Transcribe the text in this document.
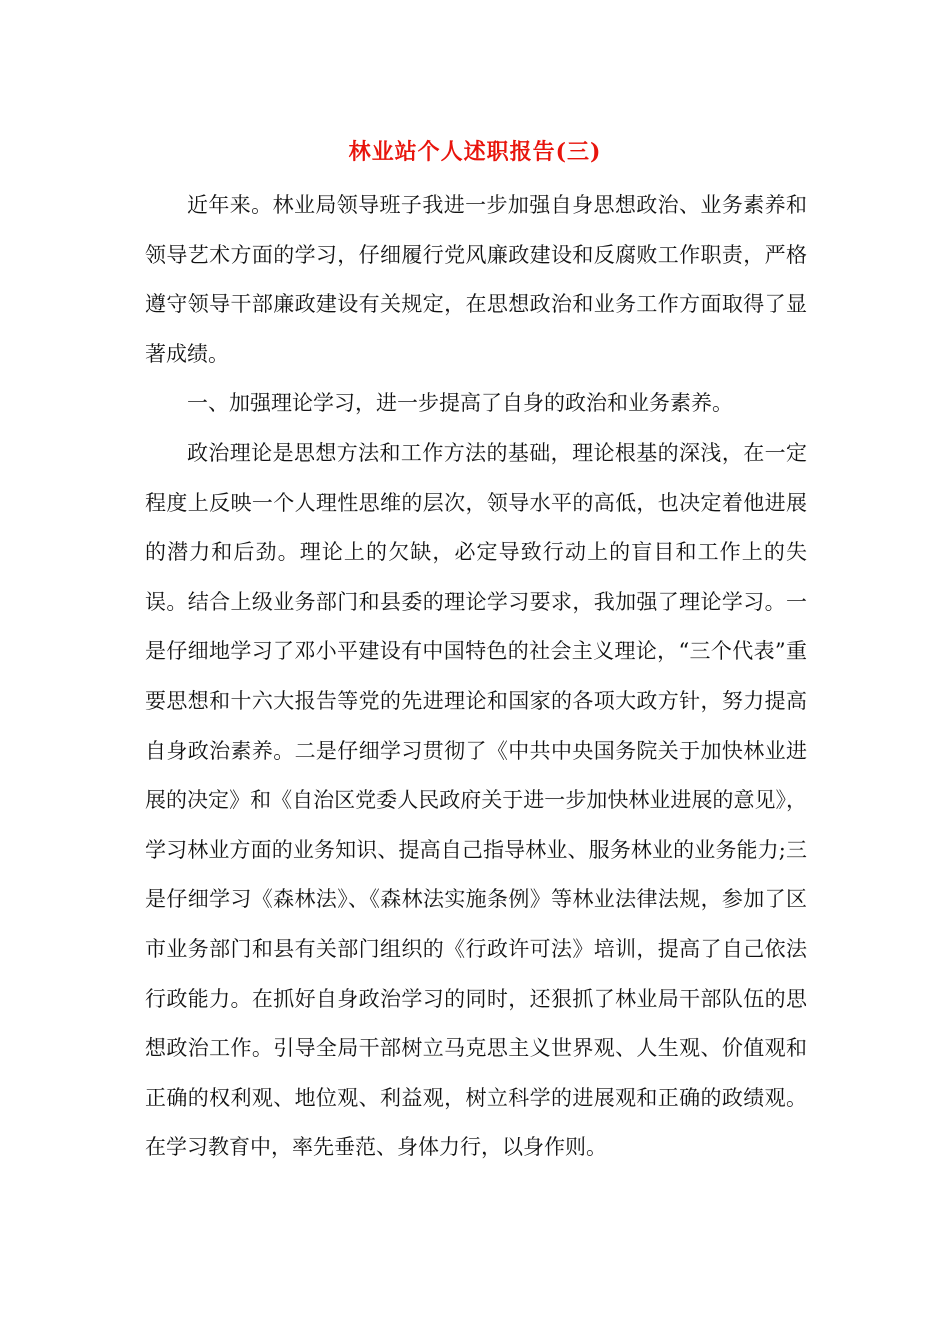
林业站个人述职报告(三)

近年来。林业局领导班子我进一步加强自身思想政治、业务素养和领导艺术方面的学习，仔细履行党风廉政建设和反腐败工作职责，严格遵守领导干部廉政建设有关规定，在思想政治和业务工作方面取得了显著成绩。

一、加强理论学习，进一步提高了自身的政治和业务素养。

政治理论是思想方法和工作方法的基础，理论根基的深浅，在一定程度上反映一个人理性思维的层次，领导水平的高低，也决定着他进展的潜力和后劲。理论上的欠缺，必定导致行动上的盲目和工作上的失误。结合上级业务部门和县委的理论学习要求，我加强了理论学习。一是仔细地学习了邓小平建设有中国特色的社会主义理论，“三个代表”重要思想和十六大报告等党的先进理论和国家的各项大政方针，努力提高自身政治素养。二是仔细学习贯彻了《中共中央国务院关于加快林业进展的决定》和《自治区党委人民政府关于进一步加快林业进展的意见》，学习林业方面的业务知识、提高自己指导林业、服务林业的业务能力;三是仔细学习《森林法》、《森林法实施条例》等林业法律法规，参加了区市业务部门和县有关部门组织的《行政许可法》培训，提高了自己依法行政能力。在抓好自身政治学习的同时，还狠抓了林业局干部队伍的思想政治工作。引导全局干部树立马克思主义世界观、人生观、价值观和正确的权利观、地位观、利益观，树立科学的进展观和正确的政绩观。在学习教育中，率先垂范、身体力行，以身作则。
